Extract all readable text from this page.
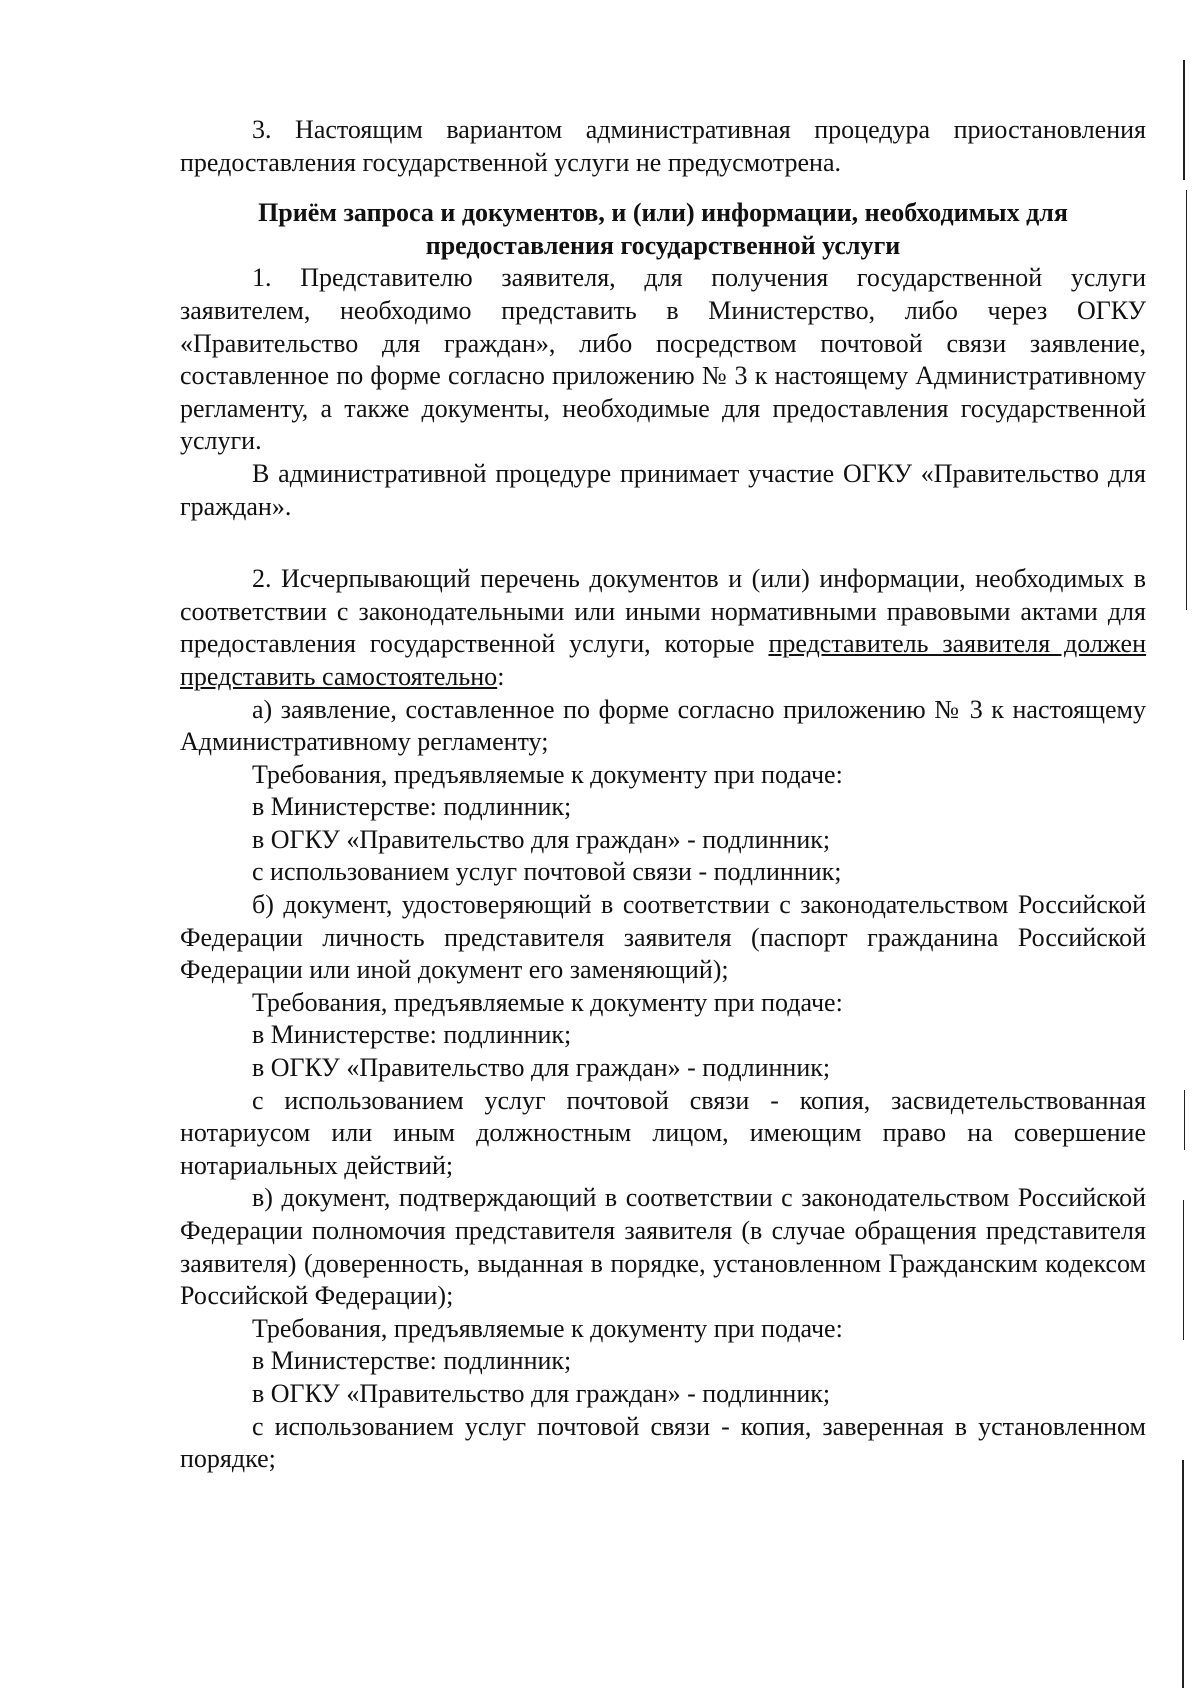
3. Настоящим вариантом административная процедура приостановления предоставления государственной услуги не предусмотрена.

Приём запроса и документов, и (или) информации, необходимых для предоставления государственной услуги

1. Представителю заявителя, для получения государственной услуги заявителем, необходимо представить в Министерство, либо через ОГКУ «Правительство для граждан», либо посредством почтовой связи заявление, составленное по форме согласно приложению № 3 к настоящему Административному регламенту, а также документы, необходимые для предоставления государственной услуги.

В административной процедуре принимает участие ОГКУ «Правительство для граждан».

2. Исчерпывающий перечень документов и (или) информации, необходимых в соответствии с законодательными или иными нормативными правовыми актами для предоставления государственной услуги, которые представитель заявителя должен представить самостоятельно:

а) заявление, составленное по форме согласно приложению № 3 к настоящему Административному регламенту;

Требования, предъявляемые к документу при подаче:

в Министерстве: подлинник;

в ОГКУ «Правительство для граждан» - подлинник;

с использованием услуг почтовой связи - подлинник;

б) документ, удостоверяющий в соответствии с законодательством Российской Федерации личность представителя заявителя (паспорт гражданина Российской Федерации или иной документ его заменяющий);

Требования, предъявляемые к документу при подаче:

в Министерстве: подлинник;

в ОГКУ «Правительство для граждан» - подлинник;

с использованием услуг почтовой связи - копия, засвидетельствованная нотариусом или иным должностным лицом, имеющим право на совершение нотариальных действий;

в) документ, подтверждающий в соответствии с законодательством Российской Федерации полномочия представителя заявителя (в случае обращения представителя заявителя) (доверенность, выданная в порядке, установленном Гражданским кодексом Российской Федерации);

Требования, предъявляемые к документу при подаче:

в Министерстве: подлинник;

в ОГКУ «Правительство для граждан» - подлинник;

с использованием услуг почтовой связи - копия, заверенная в установленном порядке;
